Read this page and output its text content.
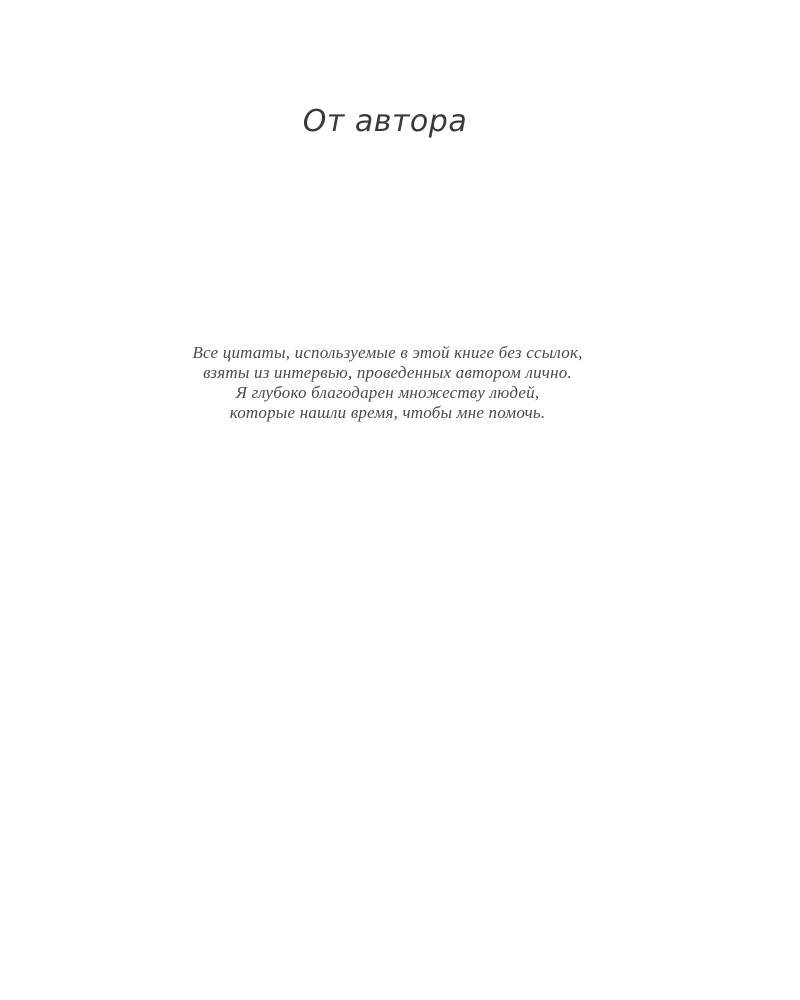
От автора
Все цитаты, используемые в этой книге без ссылок,
взяты из интервью, проведенных автором лично.
Я глубоко благодарен множеству людей,
которые нашли время, чтобы мне помочь.
